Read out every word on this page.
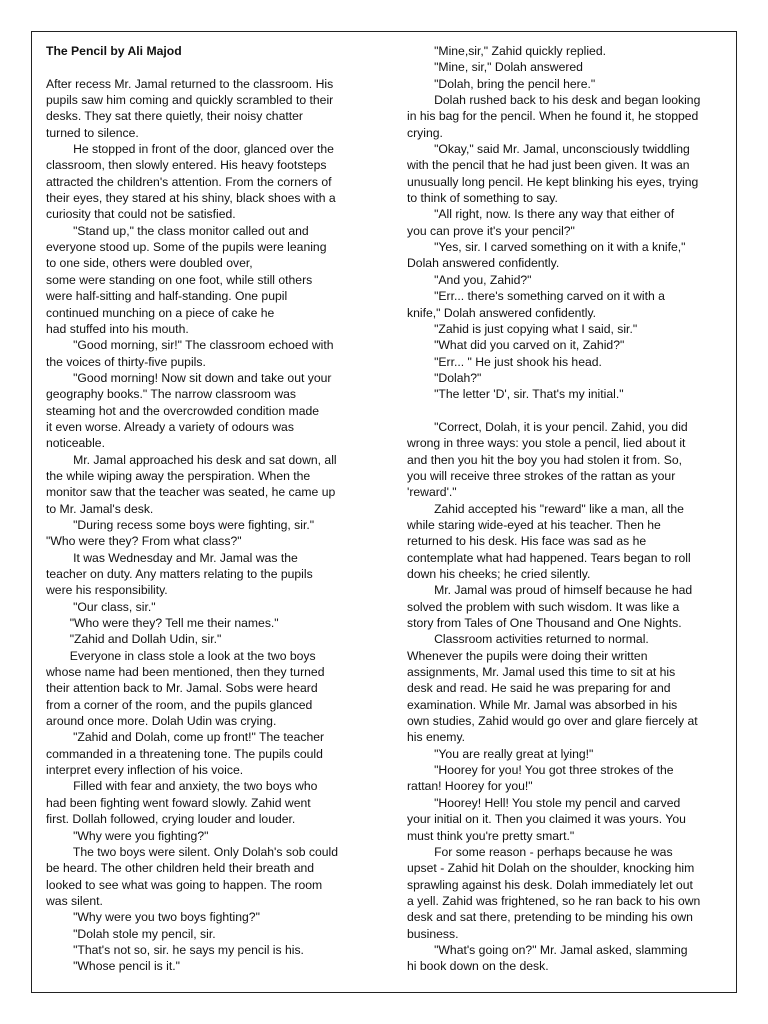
The Pencil by Ali Majod
After recess Mr. Jamal returned to the classroom. His
pupils saw him coming and quickly scrambled to their
desks. They sat there quietly, their noisy chatter
turned to silence.
He stopped in front of the door, glanced over the
classroom, then slowly entered. His heavy footsteps
attracted the children's attention. From the corners of
their eyes, they stared at his shiny, black shoes with a
curiosity that could not be satisfied.
"Stand up," the class monitor called out and
everyone stood up. Some of the pupils were leaning
to one side, others were doubled over,
some were standing on one foot, while still others
were half-sitting and half-standing. One pupil
continued munching on a piece of cake he
had stuffed into his mouth.
"Good morning, sir!" The classroom echoed with
the voices of thirty-five pupils.
"Good morning! Now sit down and take out your
geography books." The narrow classroom was
steaming hot and the overcrowded condition made
it even worse. Already a variety of odours was
noticeable.
Mr. Jamal approached his desk and sat down, all
the while wiping away the perspiration. When the
monitor saw that the teacher was seated, he came up
to Mr. Jamal's desk.
"During recess some boys were fighting, sir."
"Who were they? From what class?"
It was Wednesday and Mr. Jamal was the
teacher on duty. Any matters relating to the pupils
were his responsibility.
"Our class, sir."
"Who were they? Tell me their names."
"Zahid and Dollah Udin, sir."
Everyone in class stole a look at the two boys
whose name had been mentioned, then they turned
their attention back to Mr. Jamal. Sobs were heard
from a corner of the room, and the pupils glanced
around once more. Dolah Udin was crying.
"Zahid and Dolah, come up front!" The teacher
commanded in a threatening tone. The pupils could
interpret every inflection of his voice.
Filled with fear and anxiety, the two boys who
had been fighting went foward slowly. Zahid went
first. Dollah followed, crying louder and louder.
"Why were you fighting?"
The two boys were silent. Only Dolah's sob could
be heard. The other children held their breath and
looked to see what was going to happen. The room
was silent.
"Why were you two boys fighting?"
"Dolah stole my pencil, sir.
"That's not so, sir. he says my pencil is his.
"Whose pencil is it."
"Mine,sir," Zahid quickly replied.
"Mine, sir," Dolah answered
"Dolah, bring the pencil here."
Dolah rushed back to his desk and began looking
in his bag for the pencil. When he found it, he stopped
crying.
"Okay," said Mr. Jamal, unconsciously twiddling
with the pencil that he had just been given. It was an
unusually long pencil. He kept blinking his eyes, trying
to think of something to say.
"All right, now. Is there any way that either of
you can prove it's your pencil?"
"Yes, sir. I carved something on it with a knife,"
Dolah answered confidently.
"And you, Zahid?"
"Err... there's something carved on it with a
knife," Dolah answered confidently.
"Zahid is just copying what I said, sir."
"What did you carved on it, Zahid?"
"Err... " He just shook his head.
"Dolah?"
"The letter 'D', sir. That's my initial."
"Correct, Dolah, it is your pencil. Zahid, you did
wrong in three ways: you stole a pencil, lied about it
and then you hit the boy you had stolen it from. So,
you will receive three strokes of the rattan as your
'reward'."
Zahid accepted his "reward" like a man, all the
while staring wide-eyed at his teacher. Then he
returned to his desk. His face was sad as he
contemplate what had happened. Tears began to roll
down his cheeks; he cried silently.
Mr. Jamal was proud of himself because he had
solved the problem with such wisdom. It was like a
story from Tales of One Thousand and One Nights.
Classroom activities returned to normal.
Whenever the pupils were doing their written
assignments, Mr. Jamal used this time to sit at his
desk and read. He said he was preparing for and
examination. While Mr. Jamal was absorbed in his
own studies, Zahid would go over and glare fiercely at
his enemy.
"You are really great at lying!"
"Hoorey for you! You got three strokes of the
rattan! Hoorey for you!"
"Hoorey! Hell! You stole my pencil and carved
your initial on it. Then you claimed it was yours. You
must think you're pretty smart."
For some reason - perhaps because he was
upset - Zahid hit Dolah on the shoulder, knocking him
sprawling against his desk. Dolah immediately let out
a yell. Zahid was frightened, so he ran back to his own
desk and sat there, pretending to be minding his own
business.
"What's going on?" Mr. Jamal asked, slamming
hi book down on the desk.
